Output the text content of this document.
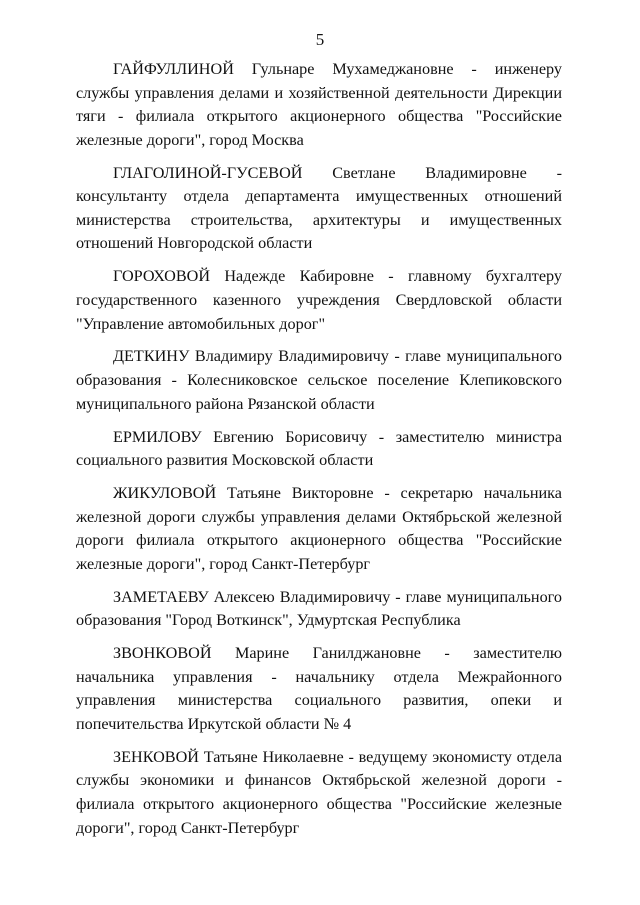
5

ГАЙФУЛЛИНОЙ Гульнаре Мухамеджановне - инженеру службы управления делами и хозяйственной деятельности Дирекции тяги - филиала открытого акционерного общества "Российские железные дороги", город Москва

ГЛАГОЛИНОЙ-ГУСЕВОЙ Светлане Владимировне - консультанту отдела департамента имущественных отношений министерства строительства, архитектуры и имущественных отношений Новгородской области

ГОРОХОВОЙ Надежде Кабировне - главному бухгалтеру государственного казенного учреждения Свердловской области "Управление автомобильных дорог"

ДЕТКИНУ Владимиру Владимировичу - главе муниципального образования - Колесниковское сельское поселение Клепиковского муниципального района Рязанской области

ЕРМИЛОВУ Евгению Борисовичу - заместителю министра социального развития Московской области

ЖИКУЛОВОЙ Татьяне Викторовне - секретарю начальника железной дороги службы управления делами Октябрьской железной дороги филиала открытого акционерного общества "Российские железные дороги", город Санкт-Петербург

ЗАМЕТАЕВУ Алексею Владимировичу - главе муниципального образования "Город Воткинск", Удмуртская Республика

ЗВОНКОВОЙ Марине Ганилджановне - заместителю начальника управления - начальнику отдела Межрайонного управления министерства социального развития, опеки и попечительства Иркутской области № 4

ЗЕНКОВОЙ Татьяне Николаевне - ведущему экономисту отдела службы экономики и финансов Октябрьской железной дороги - филиала открытого акционерного общества "Российские железные дороги", город Санкт-Петербург
